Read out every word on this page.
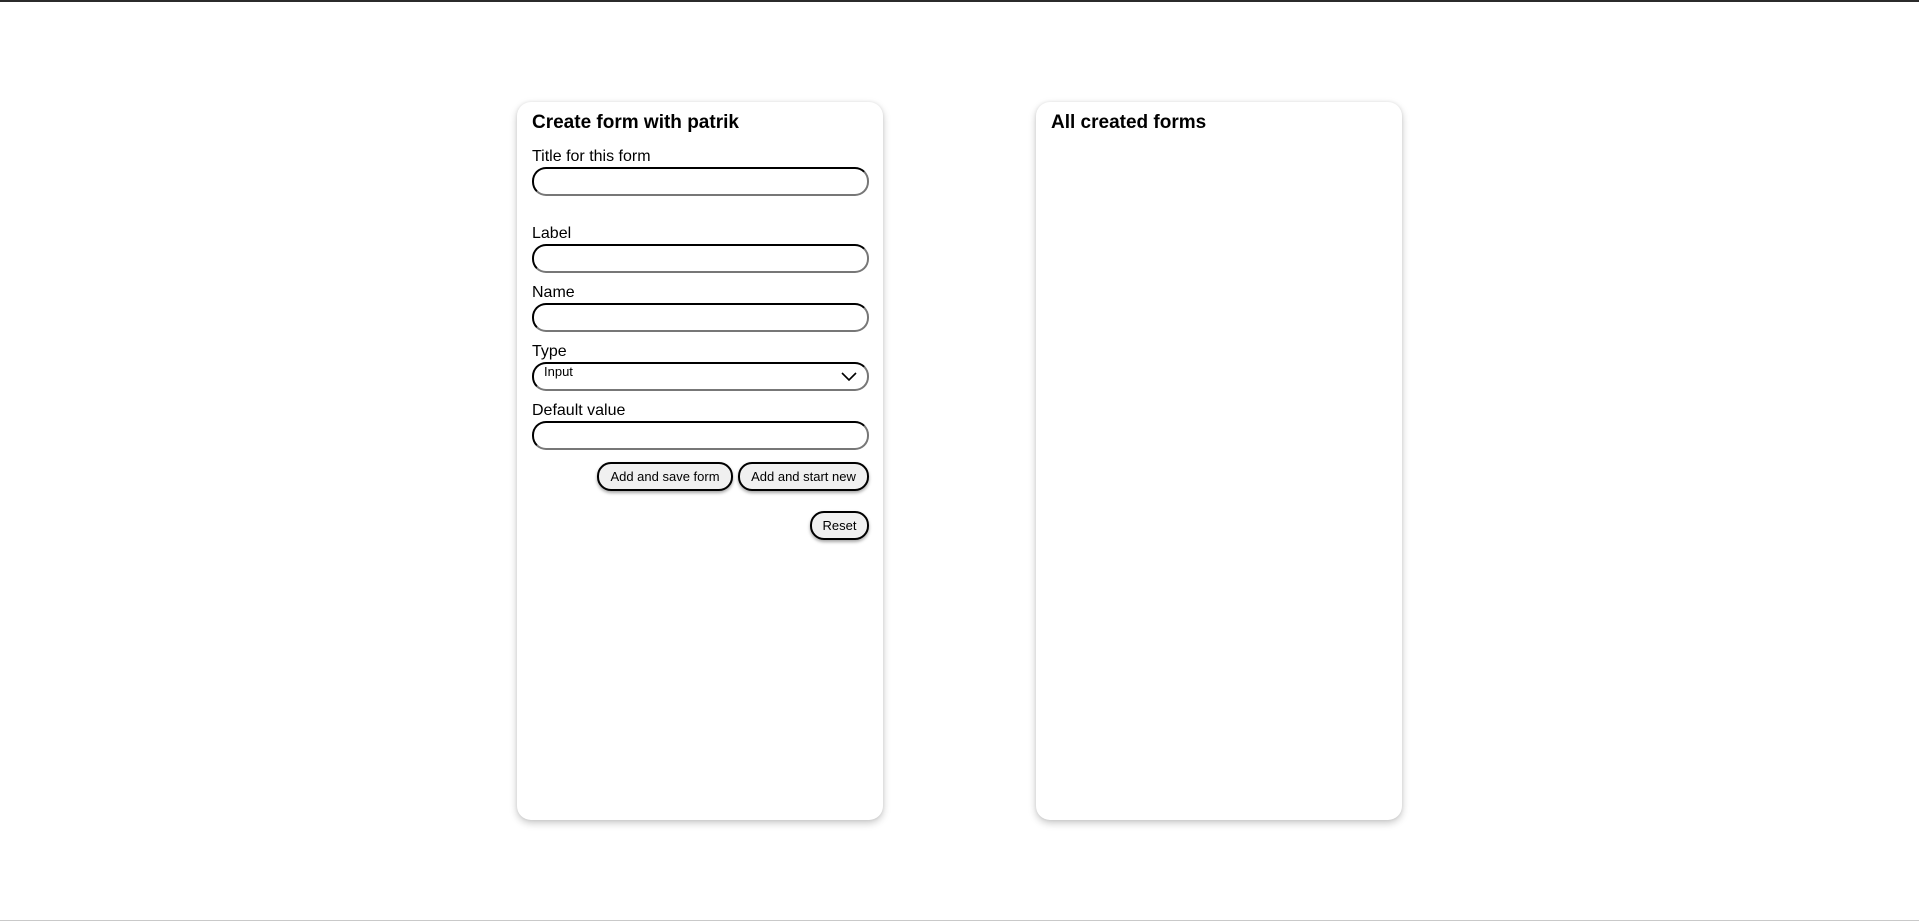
Create form with patrik
Title for this form
Label
Name
Type
Input
Default value
Add and save form	Add and start new
Reset
All created forms
